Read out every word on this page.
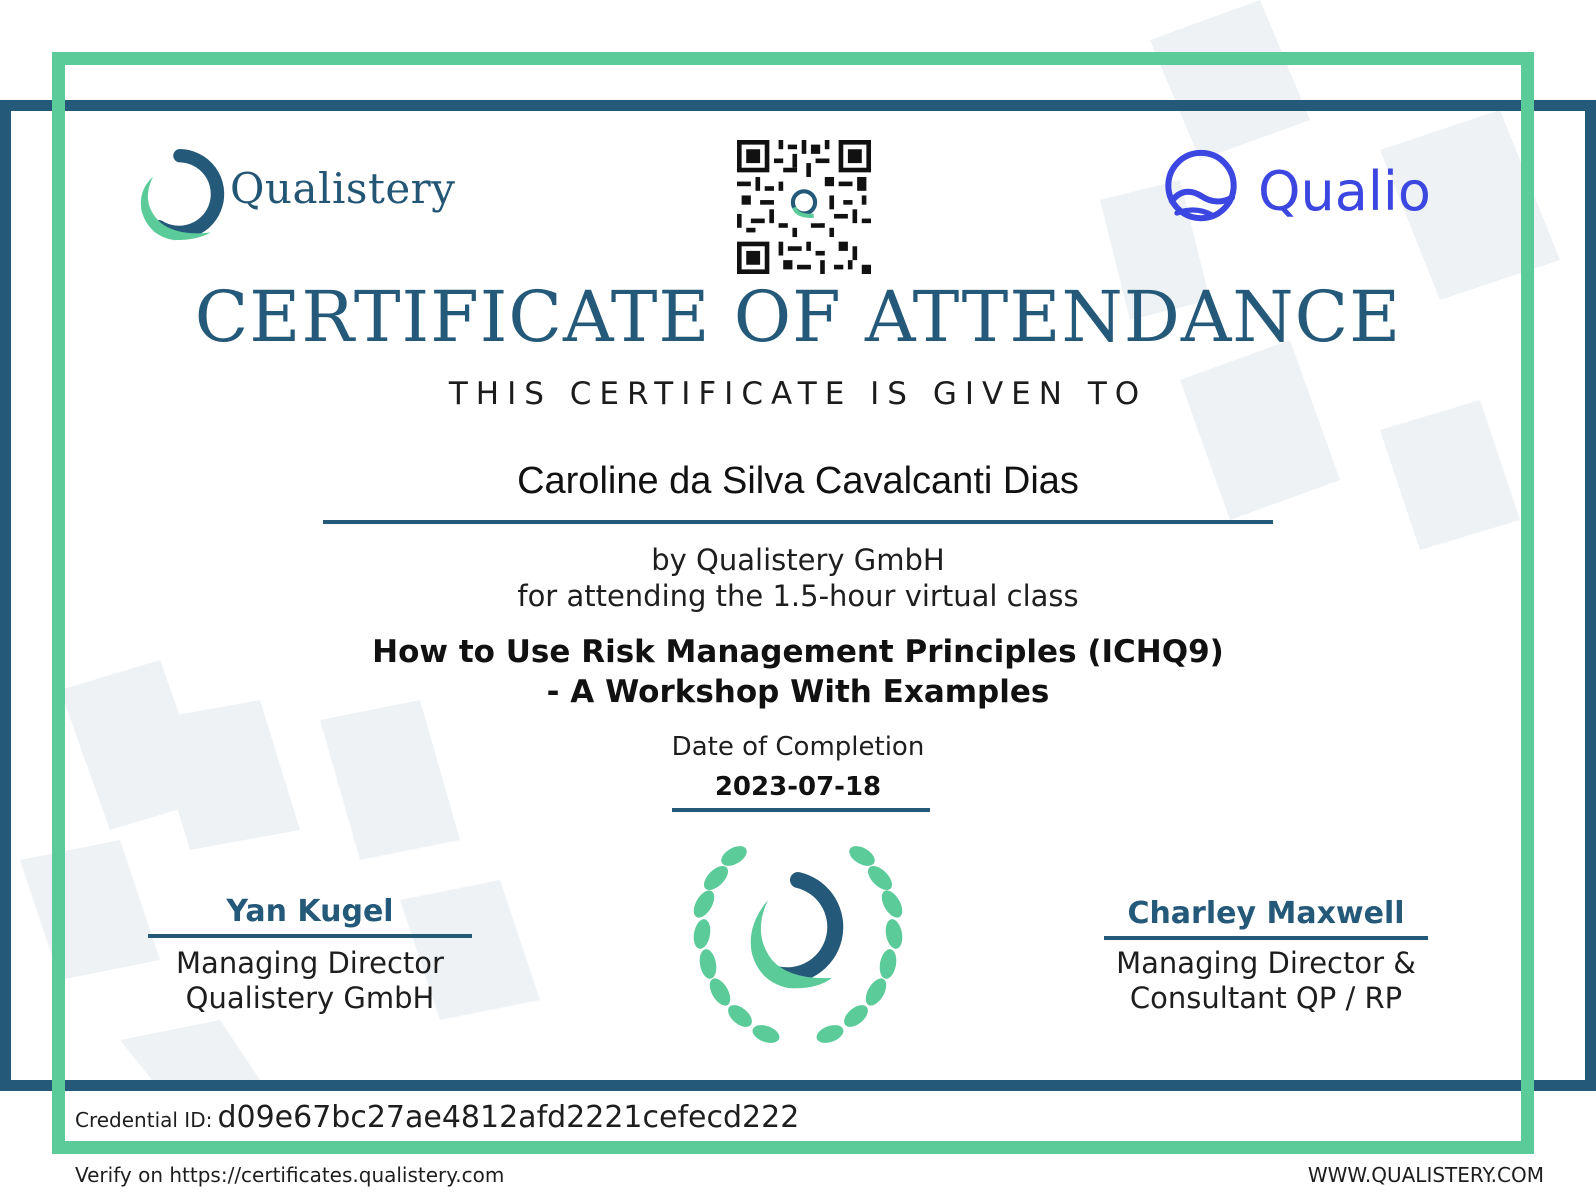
Qualistery	Qualio
CERTIFICATE OF ATTENDANCE
THIS CERTIFICATE IS GIVEN TO
Caroline da Silva Cavalcanti Dias
by Qualistery GmbH
for attending the 1.5-hour virtual class
How to Use Risk Management Principles (ICHQ9)
- A Workshop With Examples
Date of Completion
2023-07-18
Yan Kugel
Managing Director
Qualistery GmbH
Charley Maxwell
Managing Director &
Consultant QP / RP
Credential ID: d09e67bc27ae4812afd2221cefecd222
Verify on https://certificates.qualistery.com	WWW.QUALISTERY.COM
